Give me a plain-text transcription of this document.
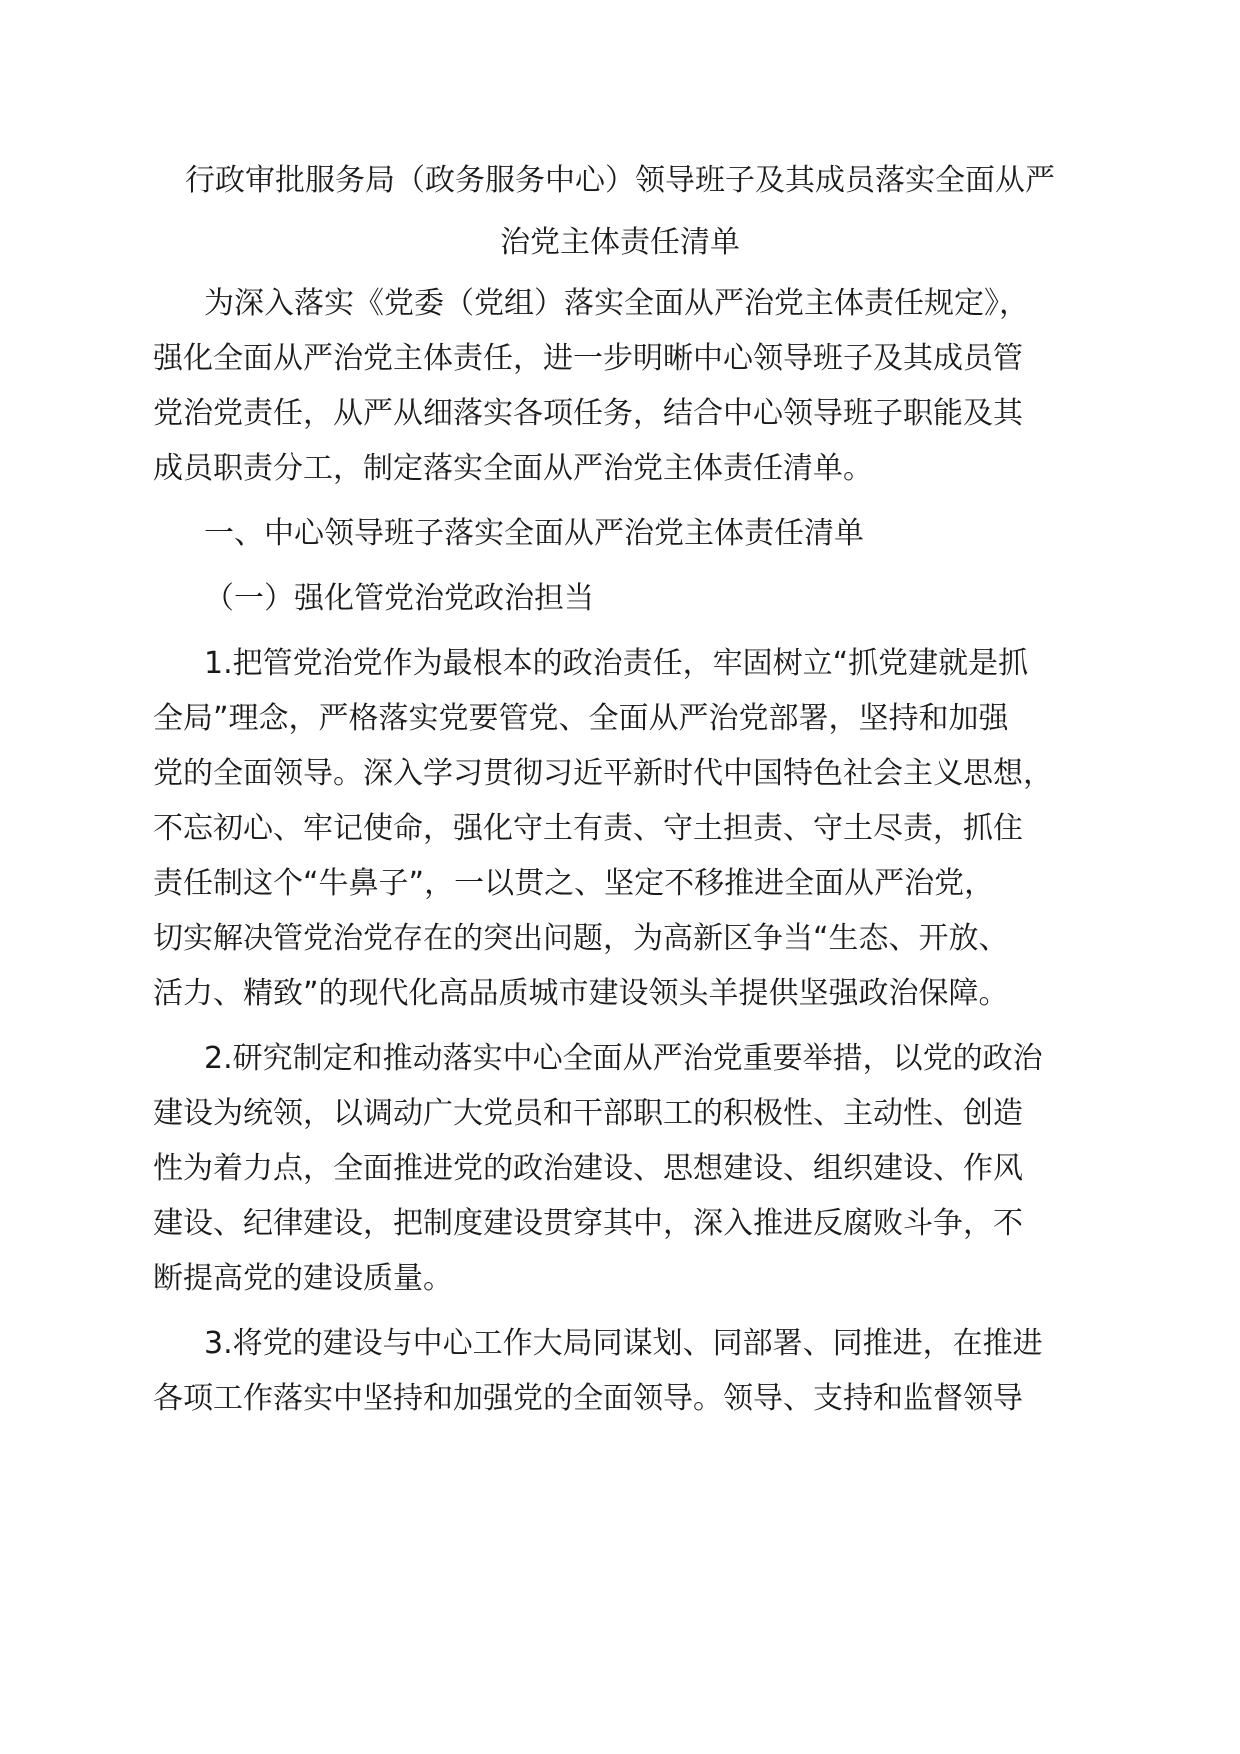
行政审批服务局（政务服务中心）领导班子及其成员落实全面从严
治党主体责任清单

为深入落实《党委（党组）落实全面从严治党主体责任规定》，

强化全面从严治党主体责任，进一步明晰中心领导班子及其成员管

党治党责任，从严从细落实各项任务，结合中心领导班子职能及其

成员职责分工，制定落实全面从严治党主体责任清单。

一、中心领导班子落实全面从严治党主体责任清单

（一）强化管党治党政治担当

1.把管党治党作为最根本的政治责任，牢固树立“抓党建就是抓

全局”理念，严格落实党要管党、全面从严治党部署，坚持和加强

党的全面领导。深入学习贯彻习近平新时代中国特色社会主义思想，

不忘初心、牢记使命，强化守土有责、守土担责、守土尽责，抓住

责任制这个“牛鼻子”，一以贯之、坚定不移推进全面从严治党，

切实解决管党治党存在的突出问题，为高新区争当“生态、开放、

活力、精致”的现代化高品质城市建设领头羊提供坚强政治保障。

2.研究制定和推动落实中心全面从严治党重要举措，以党的政治

建设为统领，以调动广大党员和干部职工的积极性、主动性、创造

性为着力点，全面推进党的政治建设、思想建设、组织建设、作风

建设、纪律建设，把制度建设贯穿其中，深入推进反腐败斗争，不

断提高党的建设质量。

3.将党的建设与中心工作大局同谋划、同部署、同推进，在推进

各项工作落实中坚持和加强党的全面领导。领导、支持和监督领导
